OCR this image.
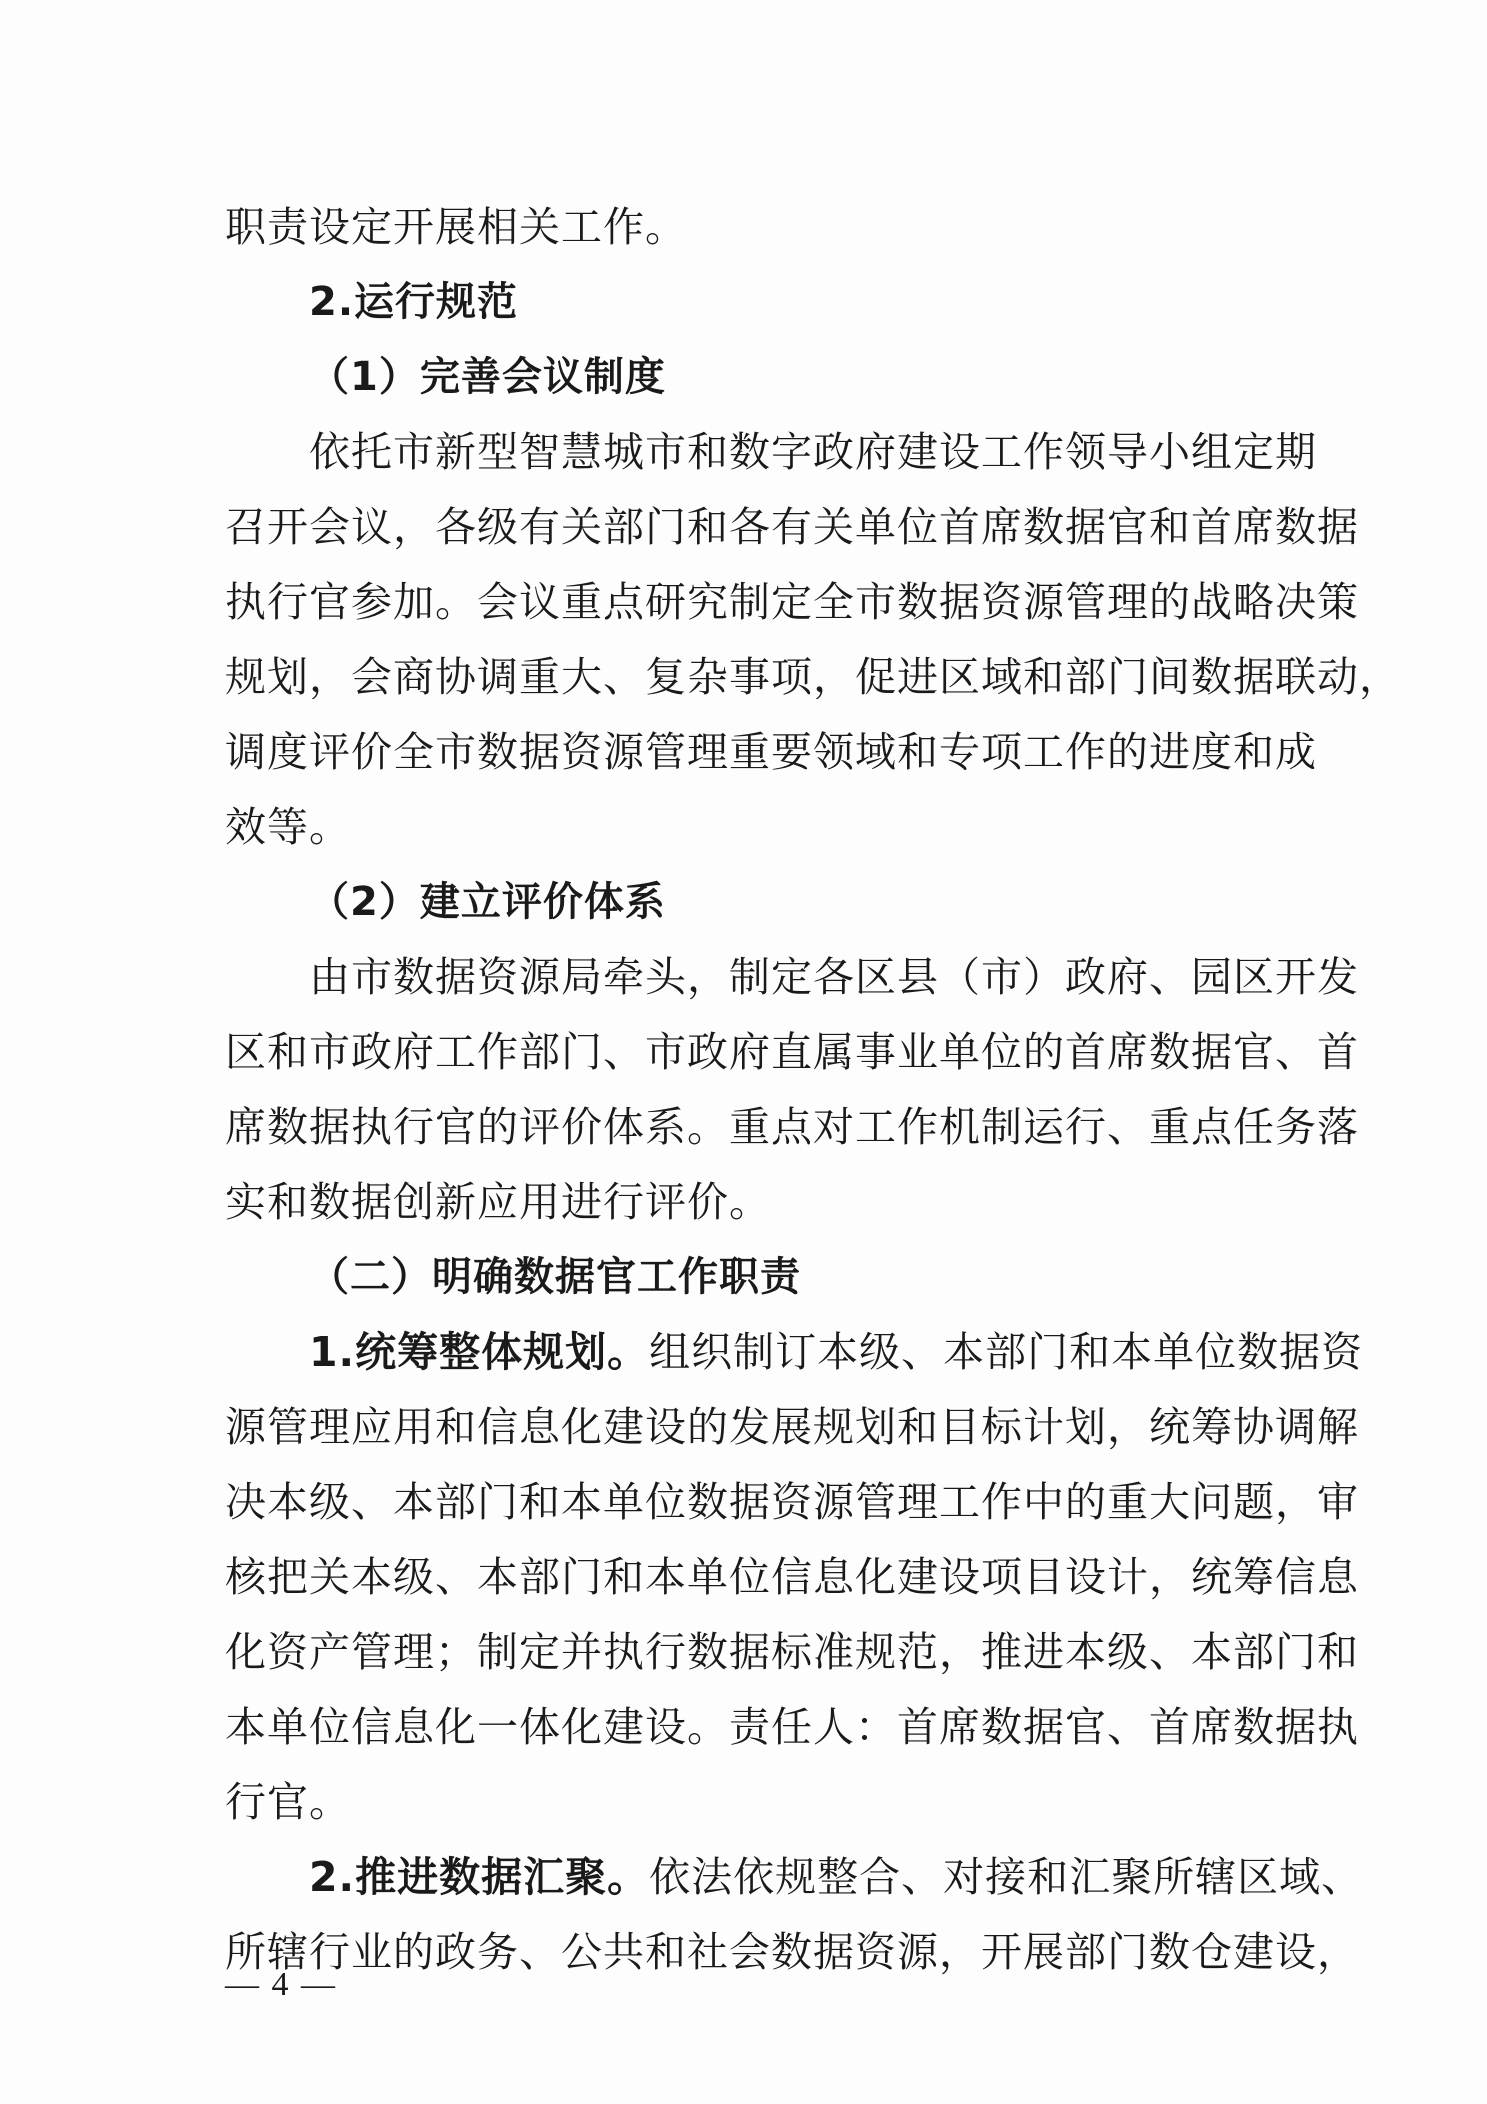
职责设定开展相关工作。
2.运行规范
（1）完善会议制度
依托市新型智慧城市和数字政府建设工作领导小组定期
召开会议，各级有关部门和各有关单位首席数据官和首席数据
执行官参加。会议重点研究制定全市数据资源管理的战略决策
规划，会商协调重大、复杂事项，促进区域和部门间数据联动，
调度评价全市数据资源管理重要领域和专项工作的进度和成
效等。
（2）建立评价体系
由市数据资源局牵头，制定各区县（市）政府、园区开发
区和市政府工作部门、市政府直属事业单位的首席数据官、首
席数据执行官的评价体系。重点对工作机制运行、重点任务落
实和数据创新应用进行评价。
（二）明确数据官工作职责
1.统筹整体规划。组织制订本级、本部门和本单位数据资
源管理应用和信息化建设的发展规划和目标计划，统筹协调解
决本级、本部门和本单位数据资源管理工作中的重大问题，审
核把关本级、本部门和本单位信息化建设项目设计，统筹信息
化资产管理；制定并执行数据标准规范，推进本级、本部门和
本单位信息化一体化建设。责任人：首席数据官、首席数据执
行官。
2.推进数据汇聚。依法依规整合、对接和汇聚所辖区域、
所辖行业的政务、公共和社会数据资源，开展部门数仓建设，
— 4 —
